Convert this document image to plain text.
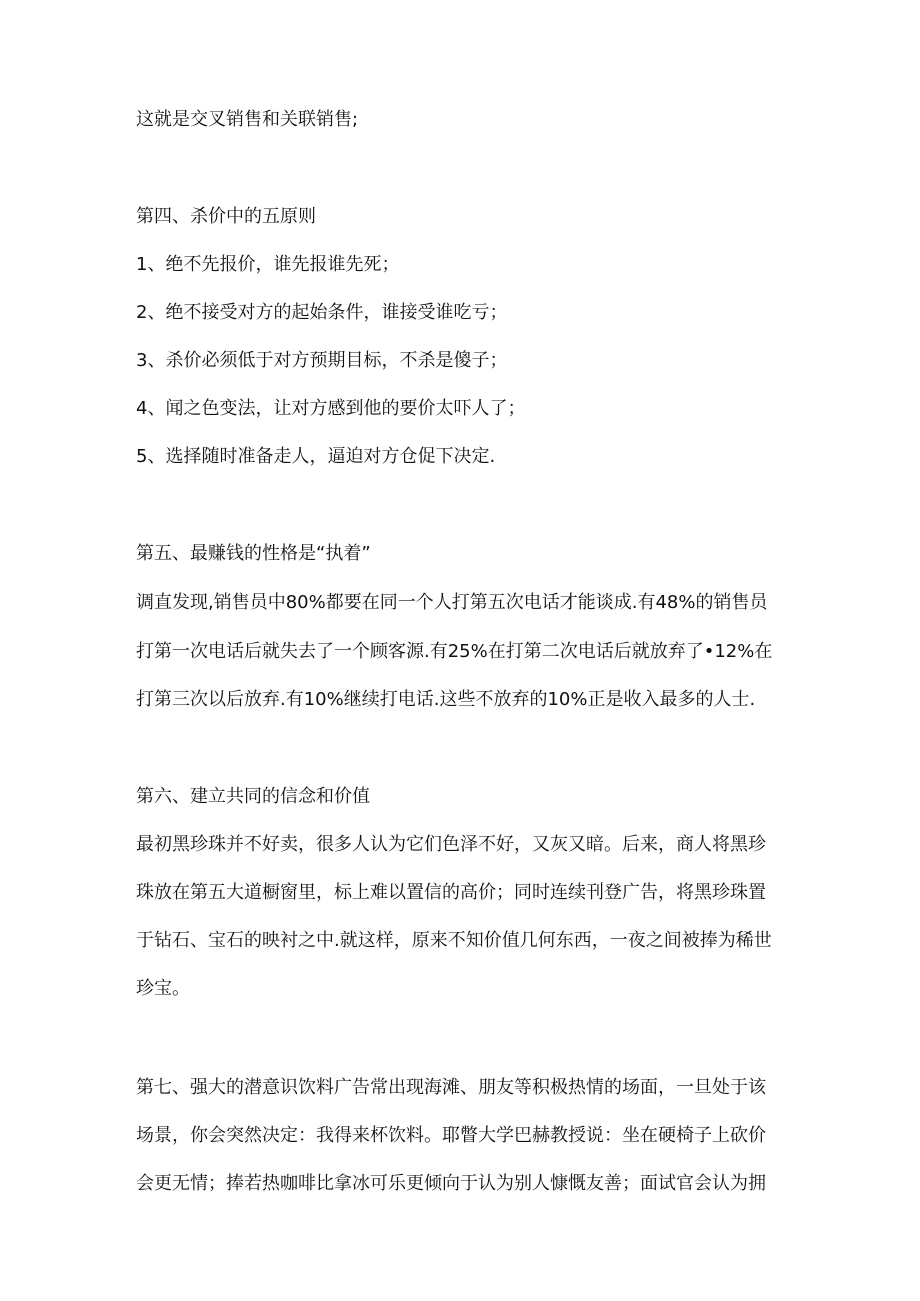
这就是交叉销售和关联销售;
第四、杀价中的五原则
1、绝不先报价，谁先报谁先死；
2、绝不接受对方的起始条件，谁接受谁吃亏；
3、杀价必须低于对方预期目标，不杀是傻子；
4、闻之色变法，让对方感到他的要价太吓人了；
5、选择随时准备走人，逼迫对方仓促下决定.
第五、最赚钱的性格是“执着”
调直发现,销售员中80%都要在同一个人打第五次电话才能谈成.有48%的销售员
打第一次电话后就失去了一个顾客源.有25%在打第二次电话后就放弃了•12%在
打第三次以后放弃.有10%继续打电话.这些不放弃的10%正是收入最多的人士.
第六、建立共同的信念和价值
最初黑珍珠并不好卖，很多人认为它们色泽不好，又灰又暗。后来，商人将黑珍
珠放在第五大道橱窗里，标上难以置信的高价；同时连续刊登广告，将黑珍珠置
于钻石、宝石的映衬之中.就这样，原来不知价值几何东西，一夜之间被捧为稀世
珍宝。
第七、强大的潜意识饮料广告常出现海滩、朋友等积极热情的场面，一旦处于该
场景，你会突然决定：我得来杯饮料。耶瞥大学巴赫教授说：坐在硬椅子上砍价
会更无情；捧若热咖啡比拿冰可乐更倾向于认为别人慷慨友善；面试官会认为拥
